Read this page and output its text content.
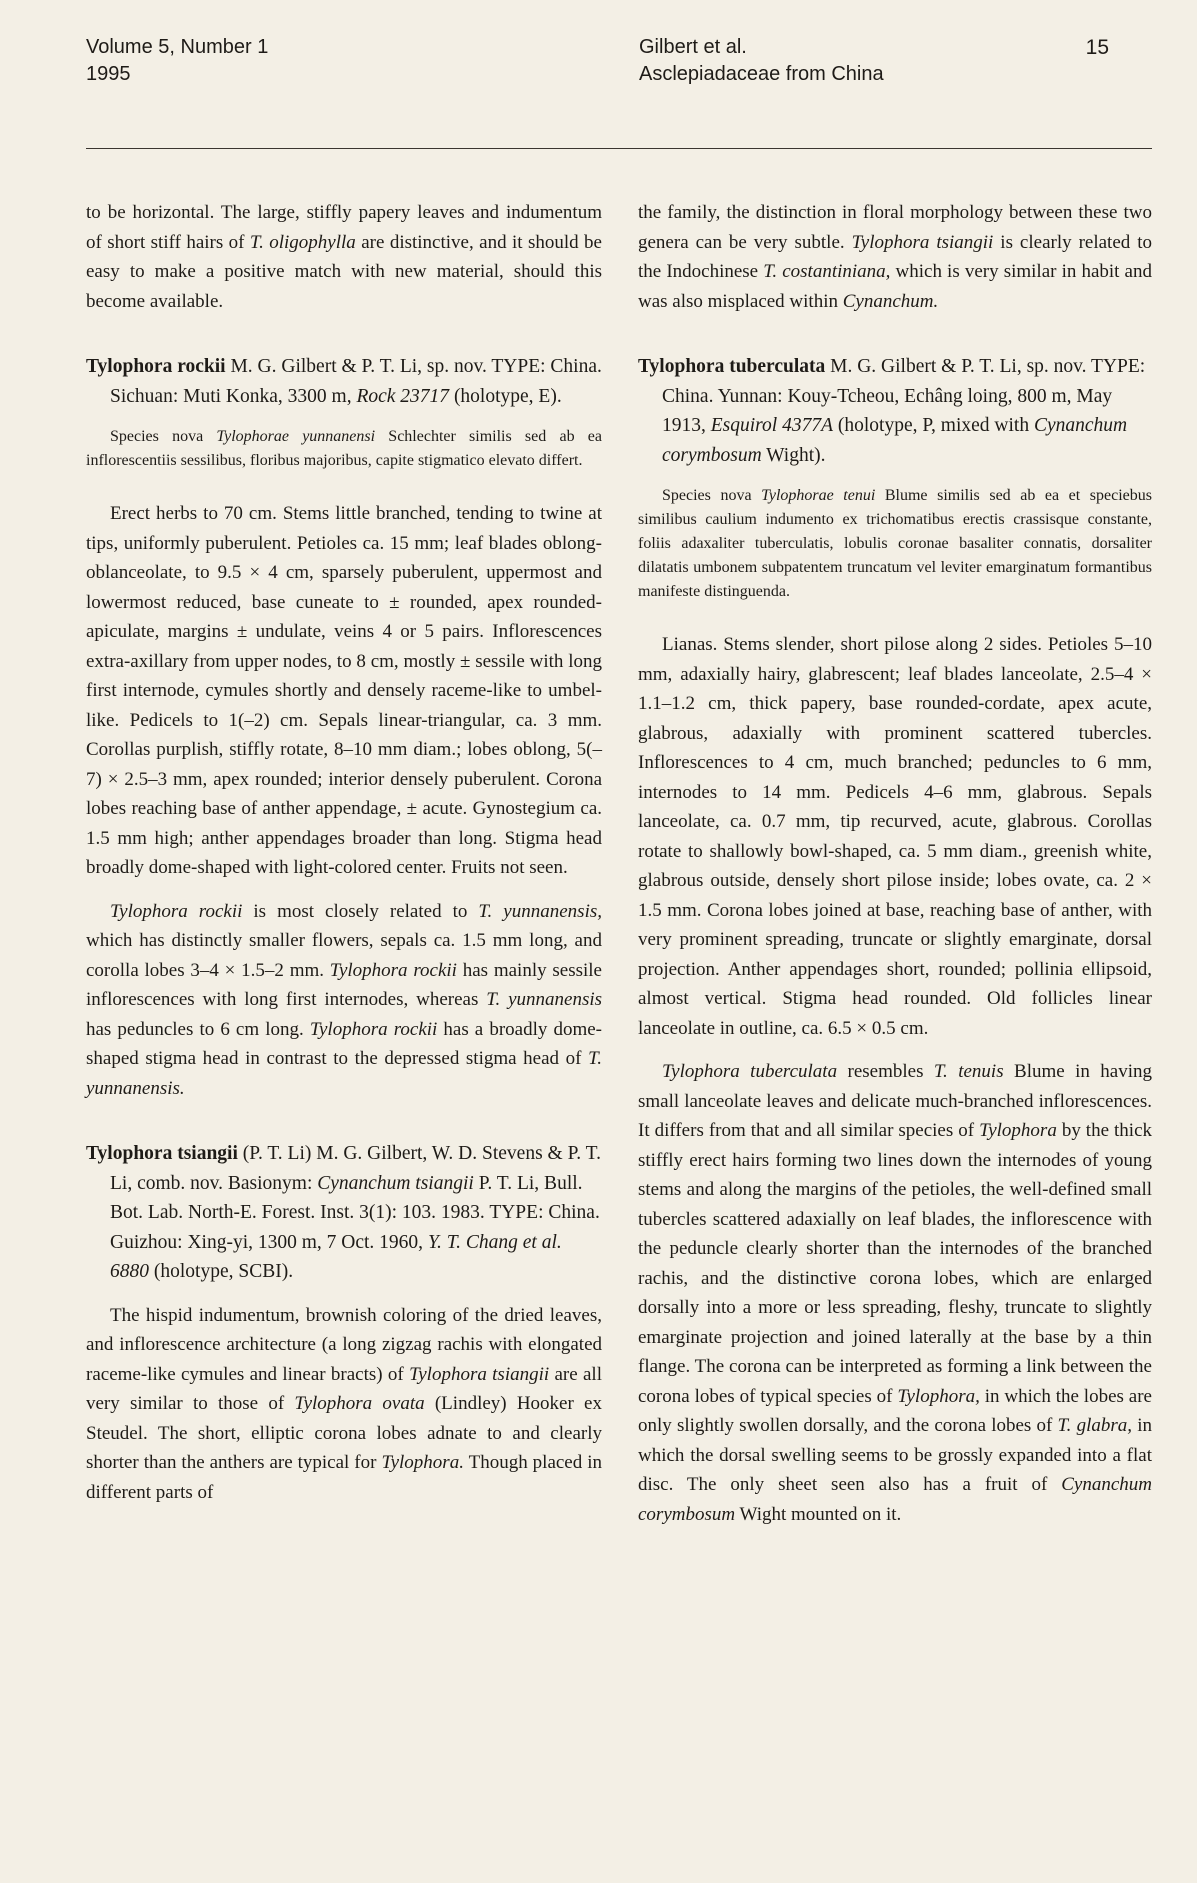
Volume 5, Number 1
1995
Gilbert et al.
Asclepiadaceae from China
15

to be horizontal. The large, stiffly papery leaves and indumentum of short stiff hairs of T. oligophylla are distinctive, and it should be easy to make a positive match with new material, should this become available.

Tylophora rockii M. G. Gilbert & P. T. Li, sp. nov. TYPE: China. Sichuan: Muti Konka, 3300 m, Rock 23717 (holotype, E).

Species nova Tylophorae yunnanensi Schlechter similis sed ab ea inflorescentiis sessilibus, floribus majoribus, capite stigmatico elevato differt.

Erect herbs to 70 cm. Stems little branched, tending to twine at tips, uniformly puberulent. Petioles ca. 15 mm; leaf blades oblong-oblanceolate, to 9.5 × 4 cm, sparsely puberulent, uppermost and lowermost reduced, base cuneate to ± rounded, apex rounded-apiculate, margins ± undulate, veins 4 or 5 pairs. Inflorescences extra-axillary from upper nodes, to 8 cm, mostly ± sessile with long first internode, cymules shortly and densely raceme-like to umbel-like. Pedicels to 1(–2) cm. Sepals linear-triangular, ca. 3 mm. Corollas purplish, stiffly rotate, 8–10 mm diam.; lobes oblong, 5(–7) × 2.5–3 mm, apex rounded; interior densely puberulent. Corona lobes reaching base of anther appendage, ± acute. Gynostegium ca. 1.5 mm high; anther appendages broader than long. Stigma head broadly dome-shaped with light-colored center. Fruits not seen.

Tylophora rockii is most closely related to T. yunnanensis, which has distinctly smaller flowers, sepals ca. 1.5 mm long, and corolla lobes 3–4 × 1.5–2 mm. Tylophora rockii has mainly sessile inflorescences with long first internodes, whereas T. yunnanensis has peduncles to 6 cm long. Tylophora rockii has a broadly dome-shaped stigma head in contrast to the depressed stigma head of T. yunnanensis.

Tylophora tsiangii (P. T. Li) M. G. Gilbert, W. D. Stevens & P. T. Li, comb. nov. Basionym: Cynanchum tsiangii P. T. Li, Bull. Bot. Lab. North-E. Forest. Inst. 3(1): 103. 1983. TYPE: China. Guizhou: Xing-yi, 1300 m, 7 Oct. 1960, Y. T. Chang et al. 6880 (holotype, SCBI).

The hispid indumentum, brownish coloring of the dried leaves, and inflorescence architecture (a long zigzag rachis with elongated raceme-like cymules and linear bracts) of Tylophora tsiangii are all very similar to those of Tylophora ovata (Lindley) Hooker ex Steudel. The short, elliptic corona lobes adnate to and clearly shorter than the anthers are typical for Tylophora. Though placed in different parts of

the family, the distinction in floral morphology between these two genera can be very subtle. Tylophora tsiangii is clearly related to the Indochinese T. costantiniana, which is very similar in habit and was also misplaced within Cynanchum.

Tylophora tuberculata M. G. Gilbert & P. T. Li, sp. nov. TYPE: China. Yunnan: Kouy-Tcheou, Echâng loing, 800 m, May 1913, Esquirol 4377A (holotype, P, mixed with Cynanchum corymbosum Wight).

Species nova Tylophorae tenui Blume similis sed ab ea et speciebus similibus caulium indumento ex trichomatibus erectis crassisque constante, foliis adaxaliter tuberculatis, lobulis coronae basaliter connatis, dorsaliter dilatatis umbonem subpatentem truncatum vel leviter emarginatum formantibus manifeste distinguenda.

Lianas. Stems slender, short pilose along 2 sides. Petioles 5–10 mm, adaxially hairy, glabrescent; leaf blades lanceolate, 2.5–4 × 1.1–1.2 cm, thick papery, base rounded-cordate, apex acute, glabrous, adaxially with prominent scattered tubercles. Inflorescences to 4 cm, much branched; peduncles to 6 mm, internodes to 14 mm. Pedicels 4–6 mm, glabrous. Sepals lanceolate, ca. 0.7 mm, tip recurved, acute, glabrous. Corollas rotate to shallowly bowl-shaped, ca. 5 mm diam., greenish white, glabrous outside, densely short pilose inside; lobes ovate, ca. 2 × 1.5 mm. Corona lobes joined at base, reaching base of anther, with very prominent spreading, truncate or slightly emarginate, dorsal projection. Anther appendages short, rounded; pollinia ellipsoid, almost vertical. Stigma head rounded. Old follicles linear lanceolate in outline, ca. 6.5 × 0.5 cm.

Tylophora tuberculata resembles T. tenuis Blume in having small lanceolate leaves and delicate much-branched inflorescences. It differs from that and all similar species of Tylophora by the thick stiffly erect hairs forming two lines down the internodes of young stems and along the margins of the petioles, the well-defined small tubercles scattered adaxially on leaf blades, the inflorescence with the peduncle clearly shorter than the internodes of the branched rachis, and the distinctive corona lobes, which are enlarged dorsally into a more or less spreading, fleshy, truncate to slightly emarginate projection and joined laterally at the base by a thin flange. The corona can be interpreted as forming a link between the corona lobes of typical species of Tylophora, in which the lobes are only slightly swollen dorsally, and the corona lobes of T. glabra, in which the dorsal swelling seems to be grossly expanded into a flat disc. The only sheet seen also has a fruit of Cynanchum corymbosum Wight mounted on it.
